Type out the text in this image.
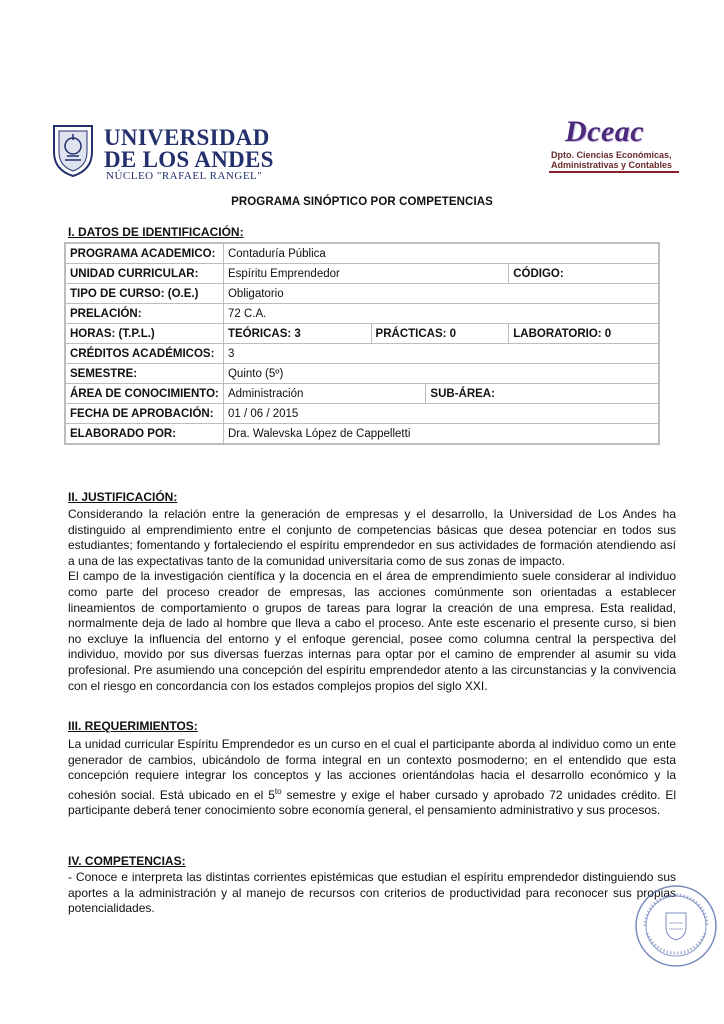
UNIVERSIDAD
DE LOS ANDES
NÚCLEO "RAFAEL RANGEL"
Dceac
Dpto. Ciencias Económicas,
Administrativas y Contables
PROGRAMA SINÓPTICO POR COMPETENCIAS
I. DATOS DE IDENTIFICACIÓN:
PROGRAMA ACADEMICO:	Contaduría Pública			
UNIDAD CURRICULAR:	Espíritu Emprendedor			CÓDIGO:
TIPO DE CURSO: (O.E.)	Obligatorio			
PRELACIÓN:	72 C.A.			
HORAS: (T.P.L.)	TEÓRICAS: 3	PRÁCTICAS: 0		LABORATORIO: 0
CRÉDITOS ACADÉMICOS:	3			
SEMESTRE:	Quinto (5º)			
ÁREA DE CONOCIMIENTO:	Administración		SUB-ÁREA:	
FECHA DE APROBACIÓN:	01 / 06 / 2015			
ELABORADO POR:	Dra. Walevska López de Cappelletti			
II. JUSTIFICACIÓN:

Considerando la relación entre la generación de empresas y el desarrollo, la Universidad de Los Andes ha distinguido al emprendimiento entre el conjunto de competencias básicas que desea potenciar en todos sus estudiantes; fomentando y fortaleciendo el espíritu emprendedor en sus actividades de formación atendiendo así a una de las expectativas tanto de la comunidad universitaria como de sus zonas de impacto.

El campo de la investigación científica y la docencia en el área de emprendimiento suele considerar al individuo como parte del proceso creador de empresas, las acciones comúnmente son orientadas a establecer lineamientos de comportamiento o grupos de tareas para lograr la creación de una empresa. Esta realidad, normalmente deja de lado al hombre que lleva a cabo el proceso. Ante este escenario el presente curso, si bien no excluye la influencia del entorno y el enfoque gerencial, posee como columna central la perspectiva del individuo, movido por sus diversas fuerzas internas para optar por el camino de emprender al asumir su vida profesional. Pre asumiendo una concepción del espíritu emprendedor atento a las circunstancias y la convivencia con el riesgo en concordancia con los estados complejos propios del siglo XXI.

III. REQUERIMIENTOS:

La unidad curricular Espíritu Emprendedor es un curso en el cual el participante aborda al individuo como un ente generador de cambios, ubicándolo de forma integral en un contexto posmoderno; en el entendido que esta concepción requiere integrar los conceptos y las acciones orientándolas hacia el desarrollo económico y la cohesión social. Está ubicado en el $5^{to}$ semestre y exige el haber cursado y aprobado 72 unidades crédito. El participante deberá tener conocimiento sobre economía general, el pensamiento administrativo y sus procesos.

IV. COMPETENCIAS:

- Conoce e interpreta las distintas corrientes epistémicas que estudian el espíritu emprendedor distinguiendo sus aportes a la administración y al manejo de recursos con criterios de productividad para reconocer sus propias potencialidades.
